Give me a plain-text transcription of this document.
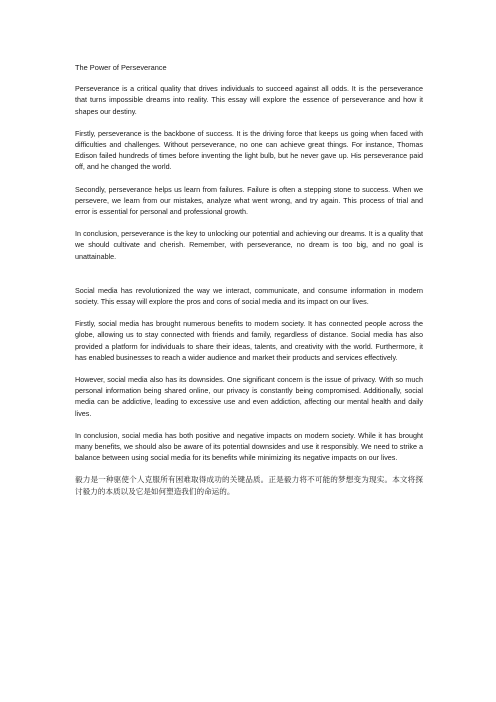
The Power of Perseverance

Perseverance is a critical quality that drives individuals to succeed against all odds. It is the perseverance that turns impossible dreams into reality. This essay will explore the essence of perseverance and how it shapes our destiny.

Firstly, perseverance is the backbone of success. It is the driving force that keeps us going when faced with difficulties and challenges. Without perseverance, no one can achieve great things. For instance, Thomas Edison failed hundreds of times before inventing the light bulb, but he never gave up. His perseverance paid off, and he changed the world.

Secondly, perseverance helps us learn from failures. Failure is often a stepping stone to success. When we persevere, we learn from our mistakes, analyze what went wrong, and try again. This process of trial and error is essential for personal and professional growth.

In conclusion, perseverance is the key to unlocking our potential and achieving our dreams. It is a quality that we should cultivate and cherish. Remember, with perseverance, no dream is too big, and no goal is unattainable.

Social media has revolutionized the way we interact, communicate, and consume information in modern society. This essay will explore the pros and cons of social media and its impact on our lives.

Firstly, social media has brought numerous benefits to modern society. It has connected people across the globe, allowing us to stay connected with friends and family, regardless of distance. Social media has also provided a platform for individuals to share their ideas, talents, and creativity with the world. Furthermore, it has enabled businesses to reach a wider audience and market their products and services effectively.

However, social media also has its downsides. One significant concern is the issue of privacy. With so much personal information being shared online, our privacy is constantly being compromised. Additionally, social media can be addictive, leading to excessive use and even addiction, affecting our mental health and daily lives.

In conclusion, social media has both positive and negative impacts on modern society. While it has brought many benefits, we should also be aware of its potential downsides and use it responsibly. We need to strike a balance between using social media for its benefits while minimizing its negative impacts on our lives.

毅力是一种驱使个人克服所有困难取得成功的关键品质。正是毅力将不可能的梦想变为现实。本文将探讨毅力的本质以及它是如何塑造我们的命运的。
